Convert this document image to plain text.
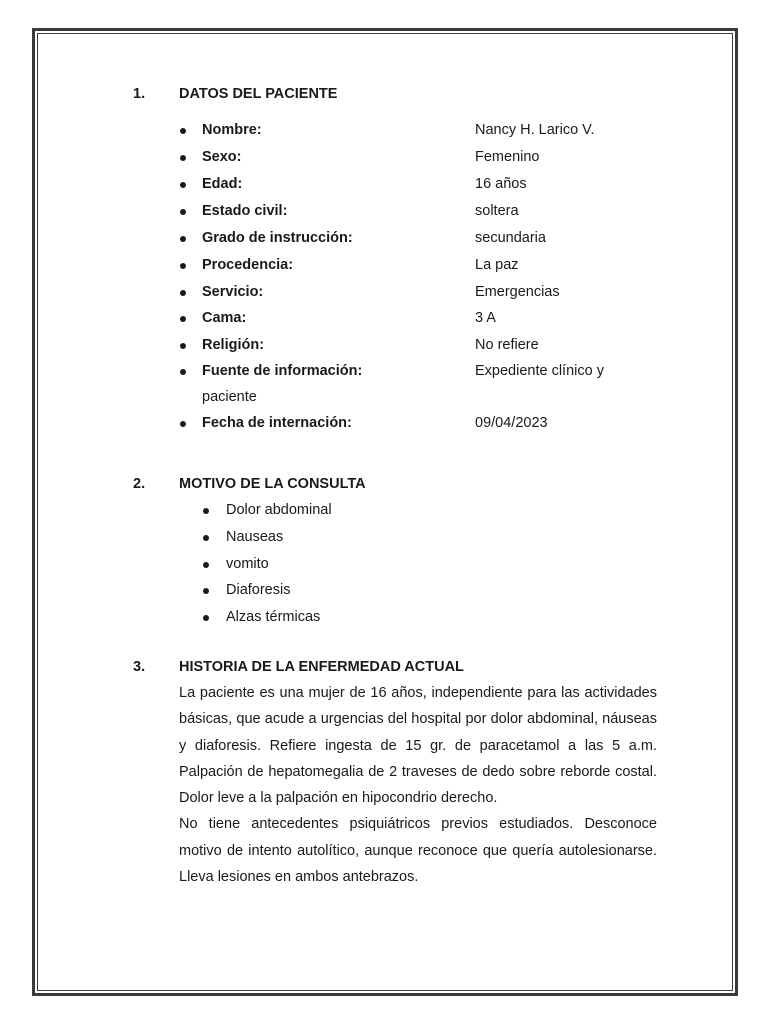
1. DATOS DEL PACIENTE
Nombre:	Nancy H. Larico V.
Sexo:	Femenino
Edad:	16 años
Estado civil:	soltera
Grado de instrucción:	secundaria
Procedencia:	La paz
Servicio:	Emergencias
Cama:	3 A
Religión:	No refiere
Fuente de información:	Expediente clínico y
paciente
Fecha de internación:	09/04/2023
2. MOTIVO DE LA CONSULTA
Dolor abdominal
Nauseas
vomito
Diaforesis
Alzas térmicas
3. HISTORIA DE LA ENFERMEDAD ACTUAL

La paciente es una mujer de 16 años, independiente para las actividades básicas, que acude a urgencias del hospital por dolor abdominal, náuseas y diaforesis. Refiere ingesta de 15 gr. de paracetamol a las 5 a.m. Palpación de hepatomegalia de 2 traveses de dedo sobre reborde costal. Dolor leve a la palpación en hipocondrio derecho.

No tiene antecedentes psiquiátricos previos estudiados. Desconoce motivo de intento autolítico, aunque reconoce que quería autolesionarse. Lleva lesiones en ambos antebrazos.
